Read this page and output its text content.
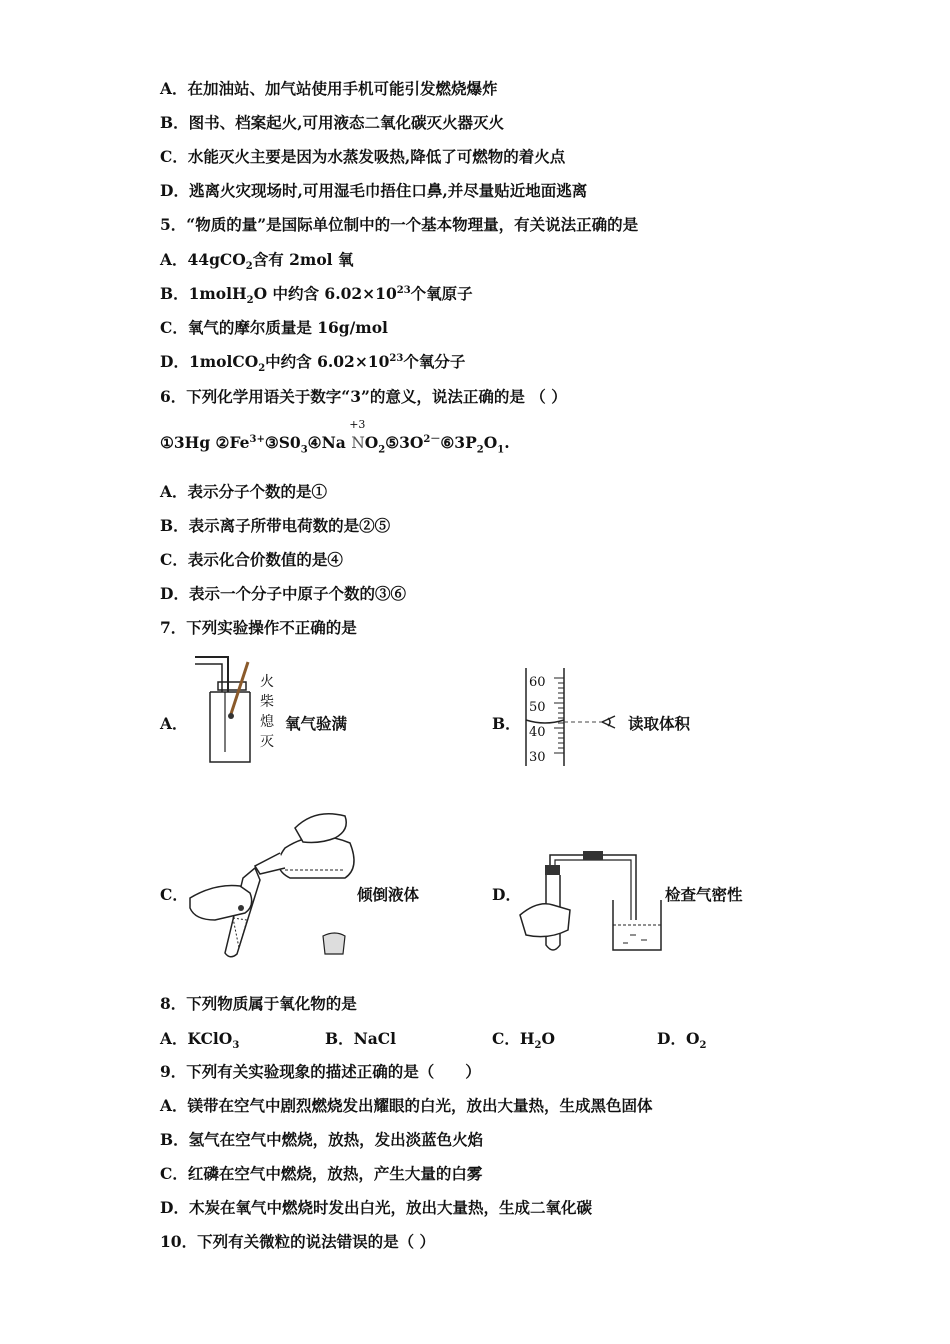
A．在加油站、加气站使用手机可能引发燃烧爆炸
B．图书、档案起火,可用液态二氧化碳灭火器灭火
C．水能灭火主要是因为水蒸发吸热,降低了可燃物的着火点
D．逃离火灾现场时,可用湿毛巾捂住口鼻,并尽量贴近地面逃离
5．“物质的量”是国际单位制中的一个基本物理量，有关说法正确的是
A．44gCO$_2$含有 2mol 氧
B．1molH$_2$O 中约含 $6.02\times 10^{23}$个氧原子
C．氧气的摩尔质量是 16g/mol
D．1molCO$_2$中约含 $6.02\times 10^{23}$个氧分子
6．下列化学用语关于数字“3”的意义，说法正确的是 （ ）
①3Hg $②Fe^{3+}③S0_3④Na$
+3
$NO_2⑤3O^{2-}⑥3P_2O_1$.
A．表示分子个数的是①
B．表示离子所带电荷数的是②⑤
C．表示化合价数值的是④
D．表示一个分子中原子个数的③⑥
7．下列实验操作不正确的是
A．
火
柴
熄
灭
氧气验满	B．
60
50
40
30
读取体积
C．	倾倒液体	D．	检查气密性
8．下列物质属于氧化物的是
A．KClO$_3$	B．NaCl	C．$H_2O$	D．$O_2$
9．下列有关实验现象的描述正确的是（　　）
A．镁带在空气中剧烈燃烧发出耀眼的白光，放出大量热，生成黑色固体
B．氢气在空气中燃烧，放热，发出淡蓝色火焰
C．红磷在空气中燃烧，放热，产生大量的白雾
D．木炭在氧气中燃烧时发出白光，放出大量热，生成二氧化碳
10．下列有关微粒的说法错误的是（ ）
